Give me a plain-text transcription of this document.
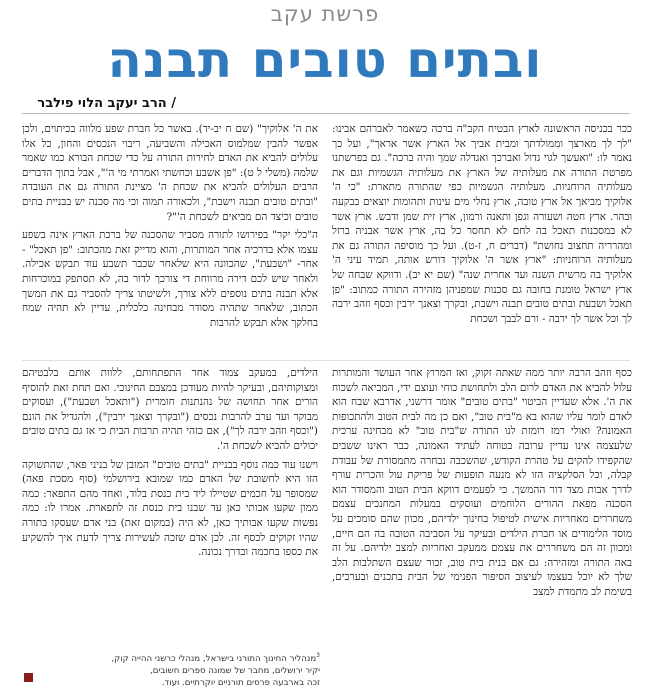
פרשת עקב
ובתים טובים תבנה
/ הרב יעקב הלוי פילבר

ככר בכניסה הראשונה לארץ הבטיח הקב"ה ברכה כשאמר לאברהם אבינו: "לך לך מארצך וממולדתך ומבית אביך אל הארץ אשר אראך", ועל כך נאמר לו: "ואעשך לגוי גדול ואברכך ואגדלה שמך והיה ברכה". גם בפרשתנו מפרטת התורה את מעלותיה של הארץ את מעלותיה הגשמיות וגם את מעלותיה הרוחניות. מעלותיה הגשמיות כפי שהתורה מתארת: "כי ה' אלוקיך מביאך אל ארץ טובה, ארץ נחלי מים עינות ותהומות יוצאים בבקעה ובהר. ארץ חטה ושעורה וגפן ותאנה ורמון, ארץ זית שמן ודבש. ארץ אשר לא במסכנות תאכל בה לחם לא תחסר כל בה, ארץ אשר אבניה ברזל ומהרריה תחצוב נחושת" (דברים ח, ז-ט). ועל כך מוסיפה התורה גם את מעלותיה הרוחניות: "ארץ אשר ה' אלוקיך דורש אותה, תמיד עיני ה' אלוקיך בה מרשית השנה ועד אחרית שנה" (שם יא יב). ודווקא שבחה של ארץ ישראל טומנת בחובה גם סכנות שמפניהן מזהירה התורה כמתוב: "פן תאכל ושבעת ובתים טובים תבנה וישבת, ובקרך וצאנך ירבין וכסף וזהב ירבה לך וכל אשר לך ירבה - ורם לבבך ושכחת

את ה' אלוקיך" (שם ח יב-יד). באשר כל חברת שפע מלווה בכיתוים, ולכן אפשר להבין שמלמוס האכילה והשביעה, ריבוי הנכסים והחון, כל אלו עלולים להביא את האדם לחירות התורה על כדי שכחת הבורא כמו שאמר שלמה (משלי ל ט): "פן אשבע וכחשתי ואמרתי מי ה'", אבל בתוך הדברים הרבים העלולים להביא את שכחת ה' מציינת התורה גם את העובדה "ובתים טובים תבנה וישבת", ולכאורה תמוה וכי מה סכנה יש בבניית בתים טובים וכיצד הם מביאים לשכחת ה'"?

ה"כלי יקר" בפירושו לתורה מסביר שהסכנה של ברכת הארץ אינה בשפע עצמו אלא בדרכיה אחר המותרות, והוא מדייק זאת מהכתוב: "פן תאכל" -אחר- "ושבעת", שהכוונה היא שלאחר שכבר תשבע עוד תבקש אכילה. ולאחר שיש לכם דירה מרווחת די צורכך לדור בה, לא תסתפק במוכרחות אלא תבנה בתים נוספים ללא צורך, ולשיטתו צריך להסביר גם את המשך הכתוב, שלאחר שתהיה מסודר מבחינה כלכלית, עדיין לא תהיה שמח בחלקך אלא תבקש להרבות

כסף וזהב הרבה יותר ממה שאתה זקוק, ואז המרוץ אחר העושר והמותרות עלול להביא את האדם לרום הלב ולתחושת כוחי ועוצם ידי, המביאה לשכוח את ה'. אלא שעדיין הביטוי "בתים טובים" אומר דרשני, אדרבא שבח הוא לאדם לומר עליו שהוא בא מ"בית טוב", ואם כן מה לבית הטוב ולהתכופות האמונה? ואולי רמז רומזת לנו התורה ש"בית טוב" לא מבחינה ערכית שלעצמה אינו עדיין ערובה בטוחה לעתיד האמונה, כבר ראינו ששבים שהקפידו להקים על טהרת הקודש, שהשכבה נבחרה מתמסורת של עבודת קבלה, וכל הסלקציה הזו לא מנעה תופעות של פריקת עול והכרית עורף לדרך אבות מצד דור ההמשך. כי לפעמים דווקא הבית הטוב והמסודר הוא הסכנה מפאת ההורים הלוחמים ועוסקים במעלות המחנכים עצמם משחררים מאחריות אישית לטיפול בחינוך ילדיהם, מכוון שהם סומכים על מוסד הלימודים או חברת הילדים ובעיקר על הסביבה הטובה בה הם חיים, ומכוון זה הם משחררים את עצמם ממעקב ואחריות למצב ילדיהם. על זה באה התורה ומזהירה: גם אם בנית בית טוב, זכור שעצם השתלבות הלב שלך לא יוכל בעצמו לעיצוב הסיפור הפנימי של הבית בתכנים ובערכים, בשימת לב מתמדת למצב

הילדים, במעקב צמוד אחר התפתחותם, ללוות אותם בלבטיהם ומצוקותיהם, ובעיקר להיות מעודכן במצבם החינוכי. ואם תחת זאת להוסיף הורים אחר תחושה של נהנתנות חומרית ("ותאכל ושבעת"), ועסוקים מבוקר ועד ערב להרבות נכסים ("ובקרך וצאנך ירבין"), ולהגדיל את הונם ("וכסף וזהב ירבה לך"), אם כזהי תהיה תרבות הבית כי אז גם בתים טובים יכולים להביא לשכחת ה'.

וישנו עוד כמה נוסף בבניית "בתים טובים" המובן של בניני פאר, שהתשוקה הזו היא לחשובת של האדם כמו שמובא בירושלמי (סוף מסכת פאה) שמסופר על חכמים שטיילו ליד בית כנסת בלוד, ואחד מהם התפאר: כמה ממון שקעו אבותי כאן עד שבנו בית כנסת זה לתפארת. אמרו לו: כמה נפשות שקעו אבותיך כאן, לא היה (במקום זאת) בני אדם שעסקו בתורה שהיו זקוקים לכסף זה. לכן אדם שזכה לעשירות צריך לדעת איך להשקיע את כספו בחכמה ובדרך נכונה.

$^3$מנהליר החינוך התורני בישראל, מנהלי כרשני ההייה קוק,
יקיר ירושלים, מחבר של שמונה ספרים חשובים,
זכה בארבעה פרסים תורניים יוקרתיים. ועוד.
